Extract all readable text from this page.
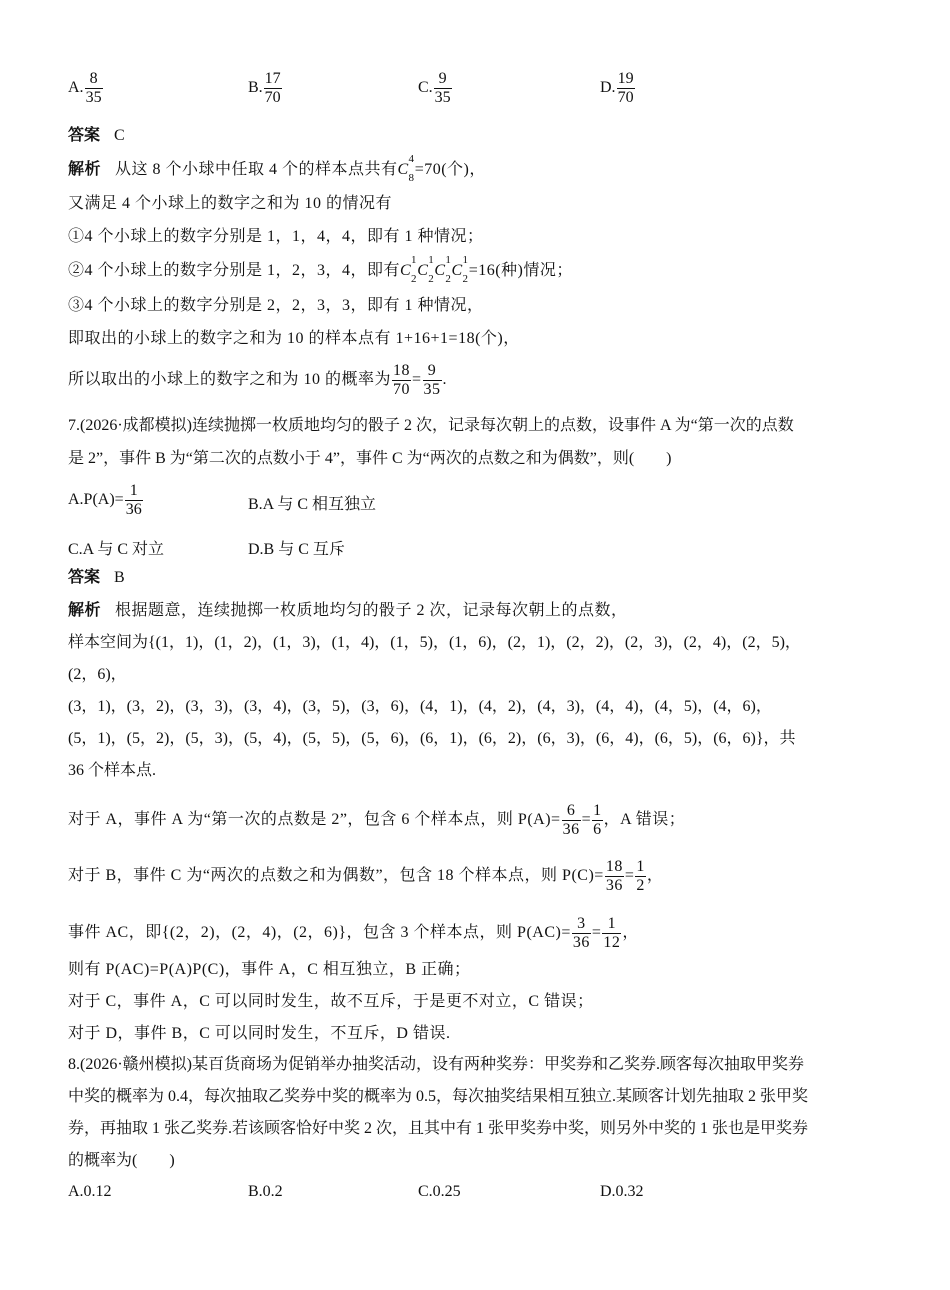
A. $\frac{8}{35}$	B. $\frac{17}{70}$	C. $\frac{9}{35}$	D. $\frac{19}{70}$
答案 C
解析 从这 8 个小球中任取 4 个的样本点共有C
4
8 =70(个)，
又满足 4 个小球上的数字之和为 10 的情况有
①4 个小球上的数字分别是 1，1，4，4，即有 1 种情况；
②4 个小球上的数字分别是 1，2，3，4，即有C
1
2 C
1
2 C
1
2 C
1
2 =16(种)情况；
③4 个小球上的数字分别是 2，2，3，3，即有 1 种情况，
即取出的小球上的数字之和为 10 的样本点有 1+16+1=18(个)，
所以取出的小球上的数字之和为 10 的概率为 $\frac{18}{70} = \frac{9}{35}$ .
7.(2026·成都模拟)连续抛掷一枚质地均匀的骰子 2 次，记录每次朝上的点数，设事件 A 为“第一次的点数
是 2”，事件 B 为“第二次的点数小于 4”，事件 C 为“两次的点数之和为偶数”，则(　　)
$A.P(A)= \frac{1}{36}$	B.A 与 C 相互独立
C.A 与 C 对立	D.B 与 C 互斥
答案 B
解析 根据题意，连续抛掷一枚质地均匀的骰子 2 次，记录每次朝上的点数，
样本空间为{(1，1)，(1，2)，(1，3)，(1，4)，(1，5)，(1，6)，(2，1)，(2，2)，(2，3)，(2，4)，(2，5)，
(2，6)，
(3，1)，(3，2)，(3，3)，(3，4)，(3，5)，(3，6)，(4，1)，(4，2)，(4，3)，(4，4)，(4，5)，(4，6)，
(5，1)，(5，2)，(5，3)，(5，4)，(5，5)，(5，6)，(6，1)，(6，2)，(6，3)，(6，4)，(6，5)，(6，6)}，共
36 个样本点.
对于 A，事件 A 为“第一次的点数是 2”，包含 6 个样本点，则 $P(A)= \frac{6}{36} = \frac{1}{6}$ ，A 错误；
对于 B，事件 C 为“两次的点数之和为偶数”，包含 18 个样本点，则 $P(C)= \frac{18}{36} = \frac{1}{2}$ ，
事件 AC，即{(2，2)，(2，4)，(2，6)}，包含 3 个样本点，则 $P(AC)= \frac{3}{36} = \frac{1}{12}$ ，
则有 P(AC)=P(A)P(C)，事件 A，C 相互独立，B 正确；
对于 C，事件 A，C 可以同时发生，故不互斥，于是更不对立，C 错误；
对于 D，事件 B，C 可以同时发生，不互斥，D 错误.
8.(2026·赣州模拟)某百货商场为促销举办抽奖活动，设有两种奖券：甲奖券和乙奖券.顾客每次抽取甲奖券
中奖的概率为 0.4，每次抽取乙奖券中奖的概率为 0.5，每次抽奖结果相互独立.某顾客计划先抽取 2 张甲奖
券，再抽取 1 张乙奖券.若该顾客恰好中奖 2 次，且其中有 1 张甲奖券中奖，则另外中奖的 1 张也是甲奖券
的概率为(　　)
A.0.12	B.0.2	C.0.25	D.0.32
